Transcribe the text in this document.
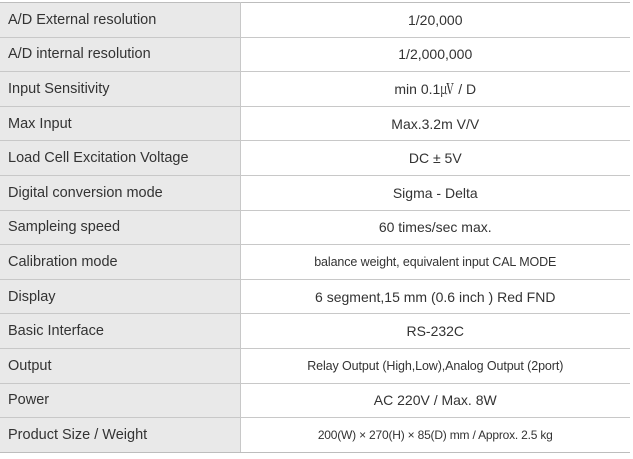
A/D External resolution	1/20,000
A/D internal resolution	1/2,000,000
Input Sensitivity	min 0.1㎶ / D
Max Input	Max.3.2m V/V
Load Cell Excitation Voltage	DC ± 5V
Digital conversion mode	Sigma - Delta
Sampleing speed	60 times/sec max.
Calibration mode	balance weight, equivalent input CAL MODE
Display	6 segment,15 mm (0.6 inch ) Red FND
Basic Interface	RS-232C
Output	Relay Output (High,Low),Analog Output (2port)
Power	AC 220V / Max. 8W
Product Size / Weight	200(W) × 270(H) × 85(D) mm / Approx. 2.5 kg
